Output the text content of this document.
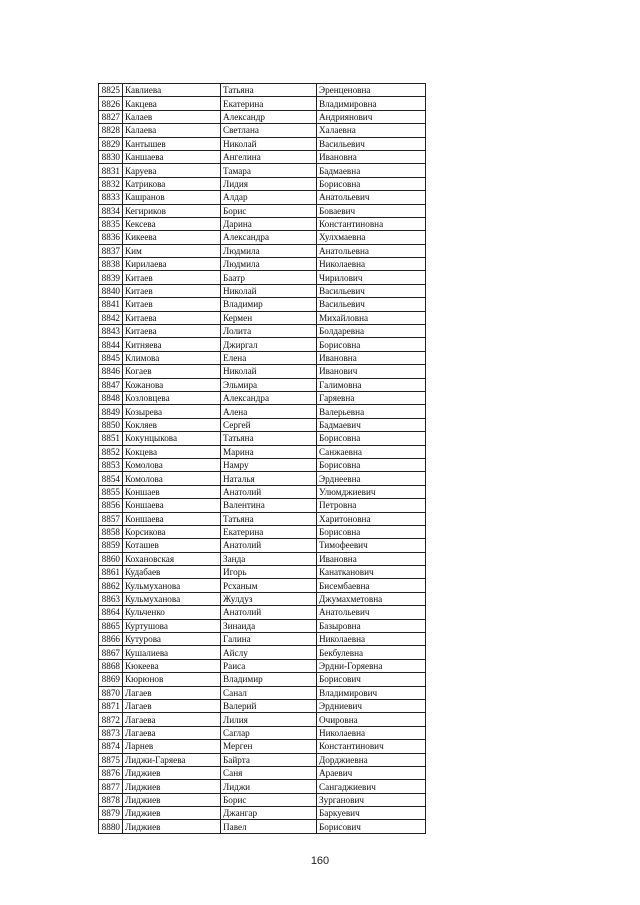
8825	Кавлиева	Татьяна	Эренценовна
8826	Какцева	Екатерина	Владимировна
8827	Калаев	Александр	Андриянович
8828	Калаева	Светлана	Халаевна
8829	Кантышев	Николай	Васильевич
8830	Каншаева	Ангелина	Ивановна
8831	Каруева	Тамара	Бадмаевна
8832	Катрикова	Лидия	Борисовна
8833	Кашранов	Алдар	Анатольевич
8834	Кегириков	Борис	Боваевич
8835	Кексева	Дарина	Константиновна
8836	Кикеева	Александра	Хулхмаевна
8837	Ким	Людмила	Анатольевна
8838	Кирилаева	Людмила	Николаевна
8839	Китаев	Баатр	Чирилович
8840	Китаев	Николай	Васильевич
8841	Китаев	Владимир	Васильевич
8842	Китаева	Кермен	Михайловна
8843	Китаева	Лолита	Болдаревна
8844	Китняева	Джиргал	Борисовна
8845	Климова	Елена	Ивановна
8846	Когаев	Николай	Иванович
8847	Кожанова	Эльмира	Галимовна
8848	Козловцева	Александра	Гаряевна
8849	Козырева	Алена	Валерьевна
8850	Кокляев	Сергей	Бадмаевич
8851	Кокунцыкова	Татьяна	Борисовна
8852	Кокцева	Марина	Санжаевна
8853	Комолова	Намру	Борисовна
8854	Комолова	Наталья	Эрднеевна
8855	Коншаев	Анатолий	Улюмджиевич
8856	Коншаева	Валентина	Петровна
8857	Коншаева	Татьяна	Харитоновна
8858	Корсикова	Екатерина	Борисовна
8859	Коташев	Анатолий	Тимофеевич
8860	Кохановская	Занда	Ивановна
8861	Кудабаев	Игорь	Канатканович
8862	Кульмуханова	Рсханым	Бисембаевна
8863	Кульмуханова	Жулдуз	Джумахметовна
8864	Кульченко	Анатолий	Анатольевич
8865	Куртушова	Зинаида	Базыровна
8866	Кутурова	Галина	Николаевна
8867	Кушалиева	Айслу	Бекбулевна
8868	Кюкеева	Раиса	Эрдни-Горяевна
8869	Кюрюнов	Владимир	Борисович
8870	Лагаев	Санал	Владимирович
8871	Лагаев	Валерий	Эрдниевич
8872	Лагаева	Лилия	Очировна
8873	Лагаева	Саглар	Николаевна
8874	Ларнев	Мерген	Константинович
8875	Лиджи-Гаряева	Байрта	Дорджиевна
8876	Лиджиев	Саня	Араевич
8877	Лиджиев	Лиджи	Сангаджиевич
8878	Лиджиев	Борис	Зурганович
8879	Лиджиев	Джангар	Баркуевич
8880	Лиджиев	Павел	Борисович
160
